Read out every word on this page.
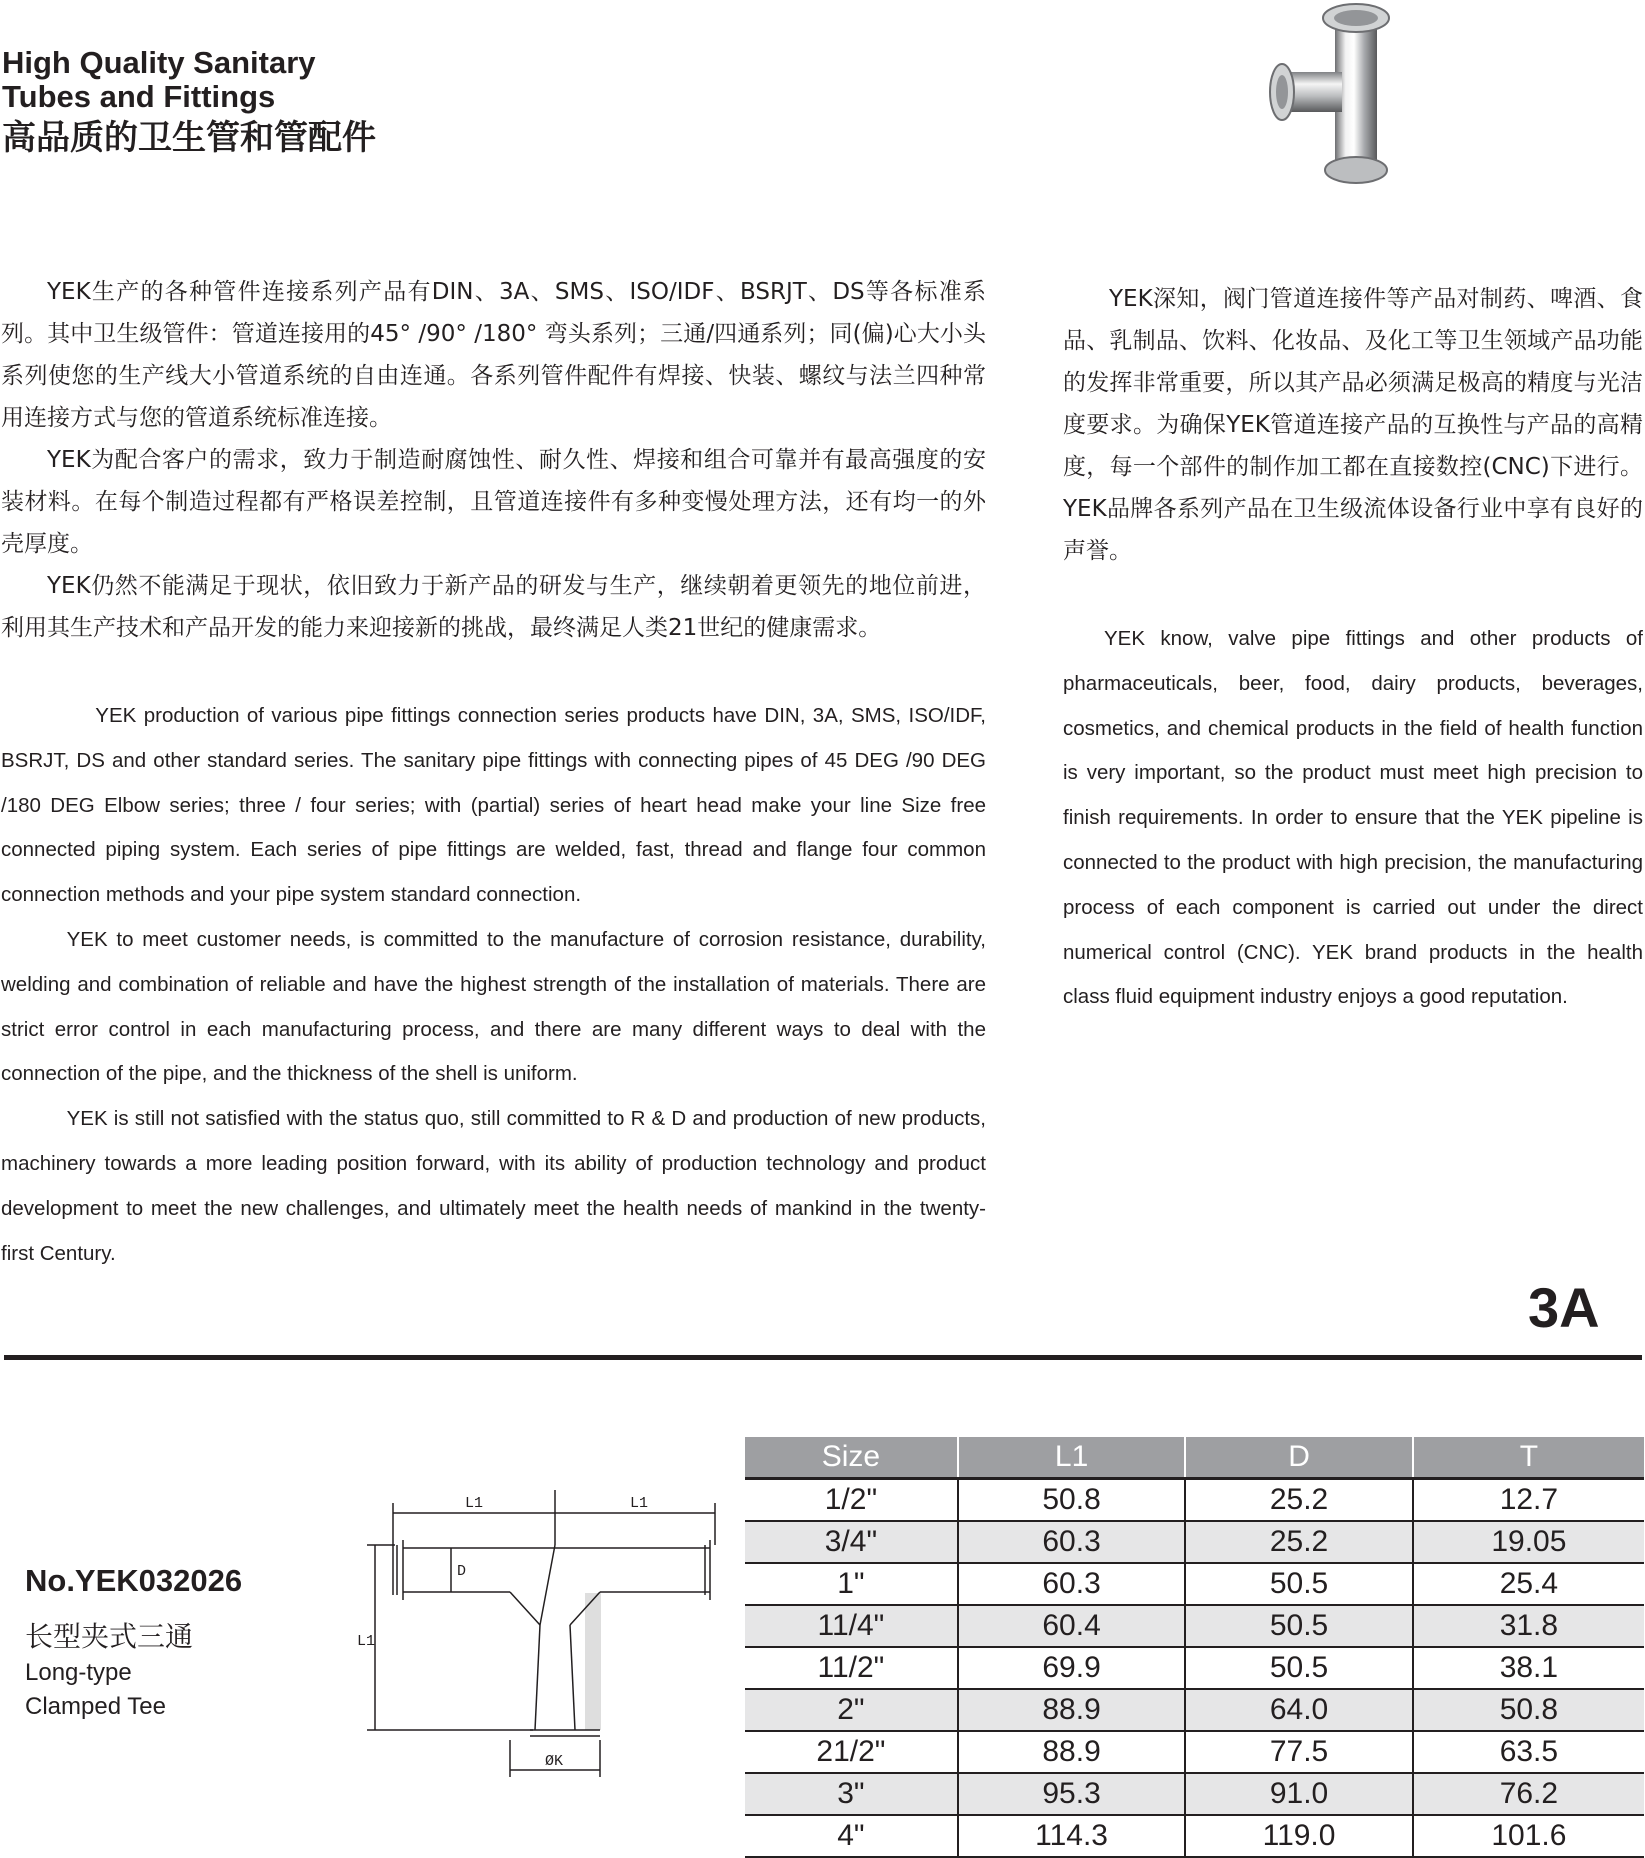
High Quality Sanitary
Tubes and Fittings
高品质的卫生管和管配件

YEK生产的各种管件连接系列产品有DIN、3A、SMS、ISO/IDF、BSRJT、DS等各标准系列。其中卫生级管件：管道连接用的45° /90° /180° 弯头系列；三通/四通系列；同(偏)心大小头系列使您的生产线大小管道系统的自由连通。各系列管件配件有焊接、快装、螺纹与法兰四种常用连接方式与您的管道系统标准连接。

YEK为配合客户的需求，致力于制造耐腐蚀性、耐久性、焊接和组合可靠并有最高强度的安装材料。在每个制造过程都有严格误差控制，且管道连接件有多种变慢处理方法，还有均一的外壳厚度。

YEK仍然不能满足于现状，依旧致力于新产品的研发与生产，继续朝着更领先的地位前进，利用其生产技术和产品开发的能力来迎接新的挑战，最终满足人类21世纪的健康需求。

YEK production of various pipe fittings connection series products have DIN, 3A, SMS, ISO/IDF, BSRJT, DS and other standard series. The sanitary pipe fittings with connecting pipes of 45 DEG /90 DEG /180 DEG Elbow series; three / four series; with (partial) series of heart head make your line Size free connected piping system. Each series of pipe fittings are welded, fast, thread and flange four common connection methods and your pipe system standard connection.

YEK to meet customer needs, is committed to the manufacture of corrosion resistance, durability, welding and combination of reliable and have the highest strength of the installation of materials. There are strict error control in each manufacturing process, and there are many different ways to deal with the connection of the pipe, and the thickness of the shell is uniform.

YEK is still not satisfied with the status quo, still committed to R & D and production of new products, machinery towards a more leading position forward, with its ability of production technology and product development to meet the new challenges, and ultimately meet the health needs of mankind in the twenty-first Century.

YEK深知，阀门管道连接件等产品对制药、啤酒、食品、乳制品、饮料、化妆品、及化工等卫生领域产品功能的发挥非常重要，所以其产品必须满足极高的精度与光洁度要求。为确保YEK管道连接产品的互换性与产品的高精度，每一个部件的制作加工都在直接数控(CNC)下进行。YEK品牌各系列产品在卫生级流体设备行业中享有良好的声誉。

YEK know, valve pipe fittings and other products of pharmaceuticals, beer, food, dairy products, beverages, cosmetics, and chemical products in the field of health function is very important, so the product must meet high precision to finish requirements. In order to ensure that the YEK pipeline is connected to the product with high precision, the manufacturing process of each component is carried out under the direct numerical control (CNC). YEK brand products in the health class fluid equipment industry enjoys a good reputation.

3A
No.YEK032026
长型夹式三通
Long-type
Clamped Tee
L1	L1
D
L1
ØK
Size	L1	D	T
1/2"	50.8	25.2	12.7
3/4"	60.3	25.2	19.05
1"	60.3	50.5	25.4
11/4"	60.4	50.5	31.8
11/2"	69.9	50.5	38.1
2"	88.9	64.0	50.8
21/2"	88.9	77.5	63.5
3"	95.3	91.0	76.2
4"	114.3	119.0	101.6
